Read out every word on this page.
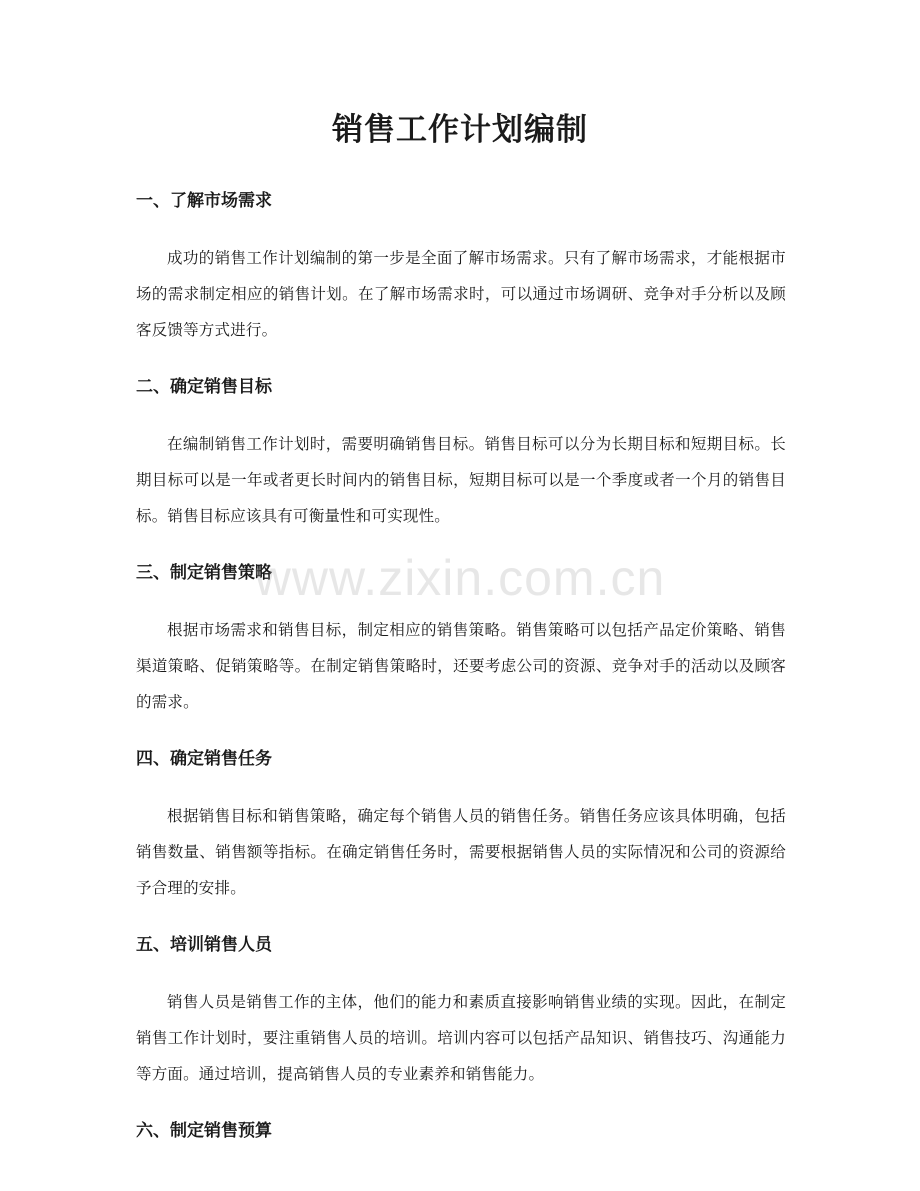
销售工作计划编制
一、了解市场需求

成功的销售工作计划编制的第一步是全面了解市场需求。只有了解市场需求，才能根据市场的需求制定相应的销售计划。在了解市场需求时，可以通过市场调研、竞争对手分析以及顾客反馈等方式进行。

二、确定销售目标

在编制销售工作计划时，需要明确销售目标。销售目标可以分为长期目标和短期目标。长期目标可以是一年或者更长时间内的销售目标，短期目标可以是一个季度或者一个月的销售目标。销售目标应该具有可衡量性和可实现性。

三、制定销售策略

根据市场需求和销售目标，制定相应的销售策略。销售策略可以包括产品定价策略、销售渠道策略、促销策略等。在制定销售策略时，还要考虑公司的资源、竞争对手的活动以及顾客的需求。

四、确定销售任务

根据销售目标和销售策略，确定每个销售人员的销售任务。销售任务应该具体明确，包括销售数量、销售额等指标。在确定销售任务时，需要根据销售人员的实际情况和公司的资源给予合理的安排。

五、培训销售人员

销售人员是销售工作的主体，他们的能力和素质直接影响销售业绩的实现。因此，在制定销售工作计划时，要注重销售人员的培训。培训内容可以包括产品知识、销售技巧、沟通能力等方面。通过培训，提高销售人员的专业素养和销售能力。

六、制定销售预算
www.zixin.com.cn
